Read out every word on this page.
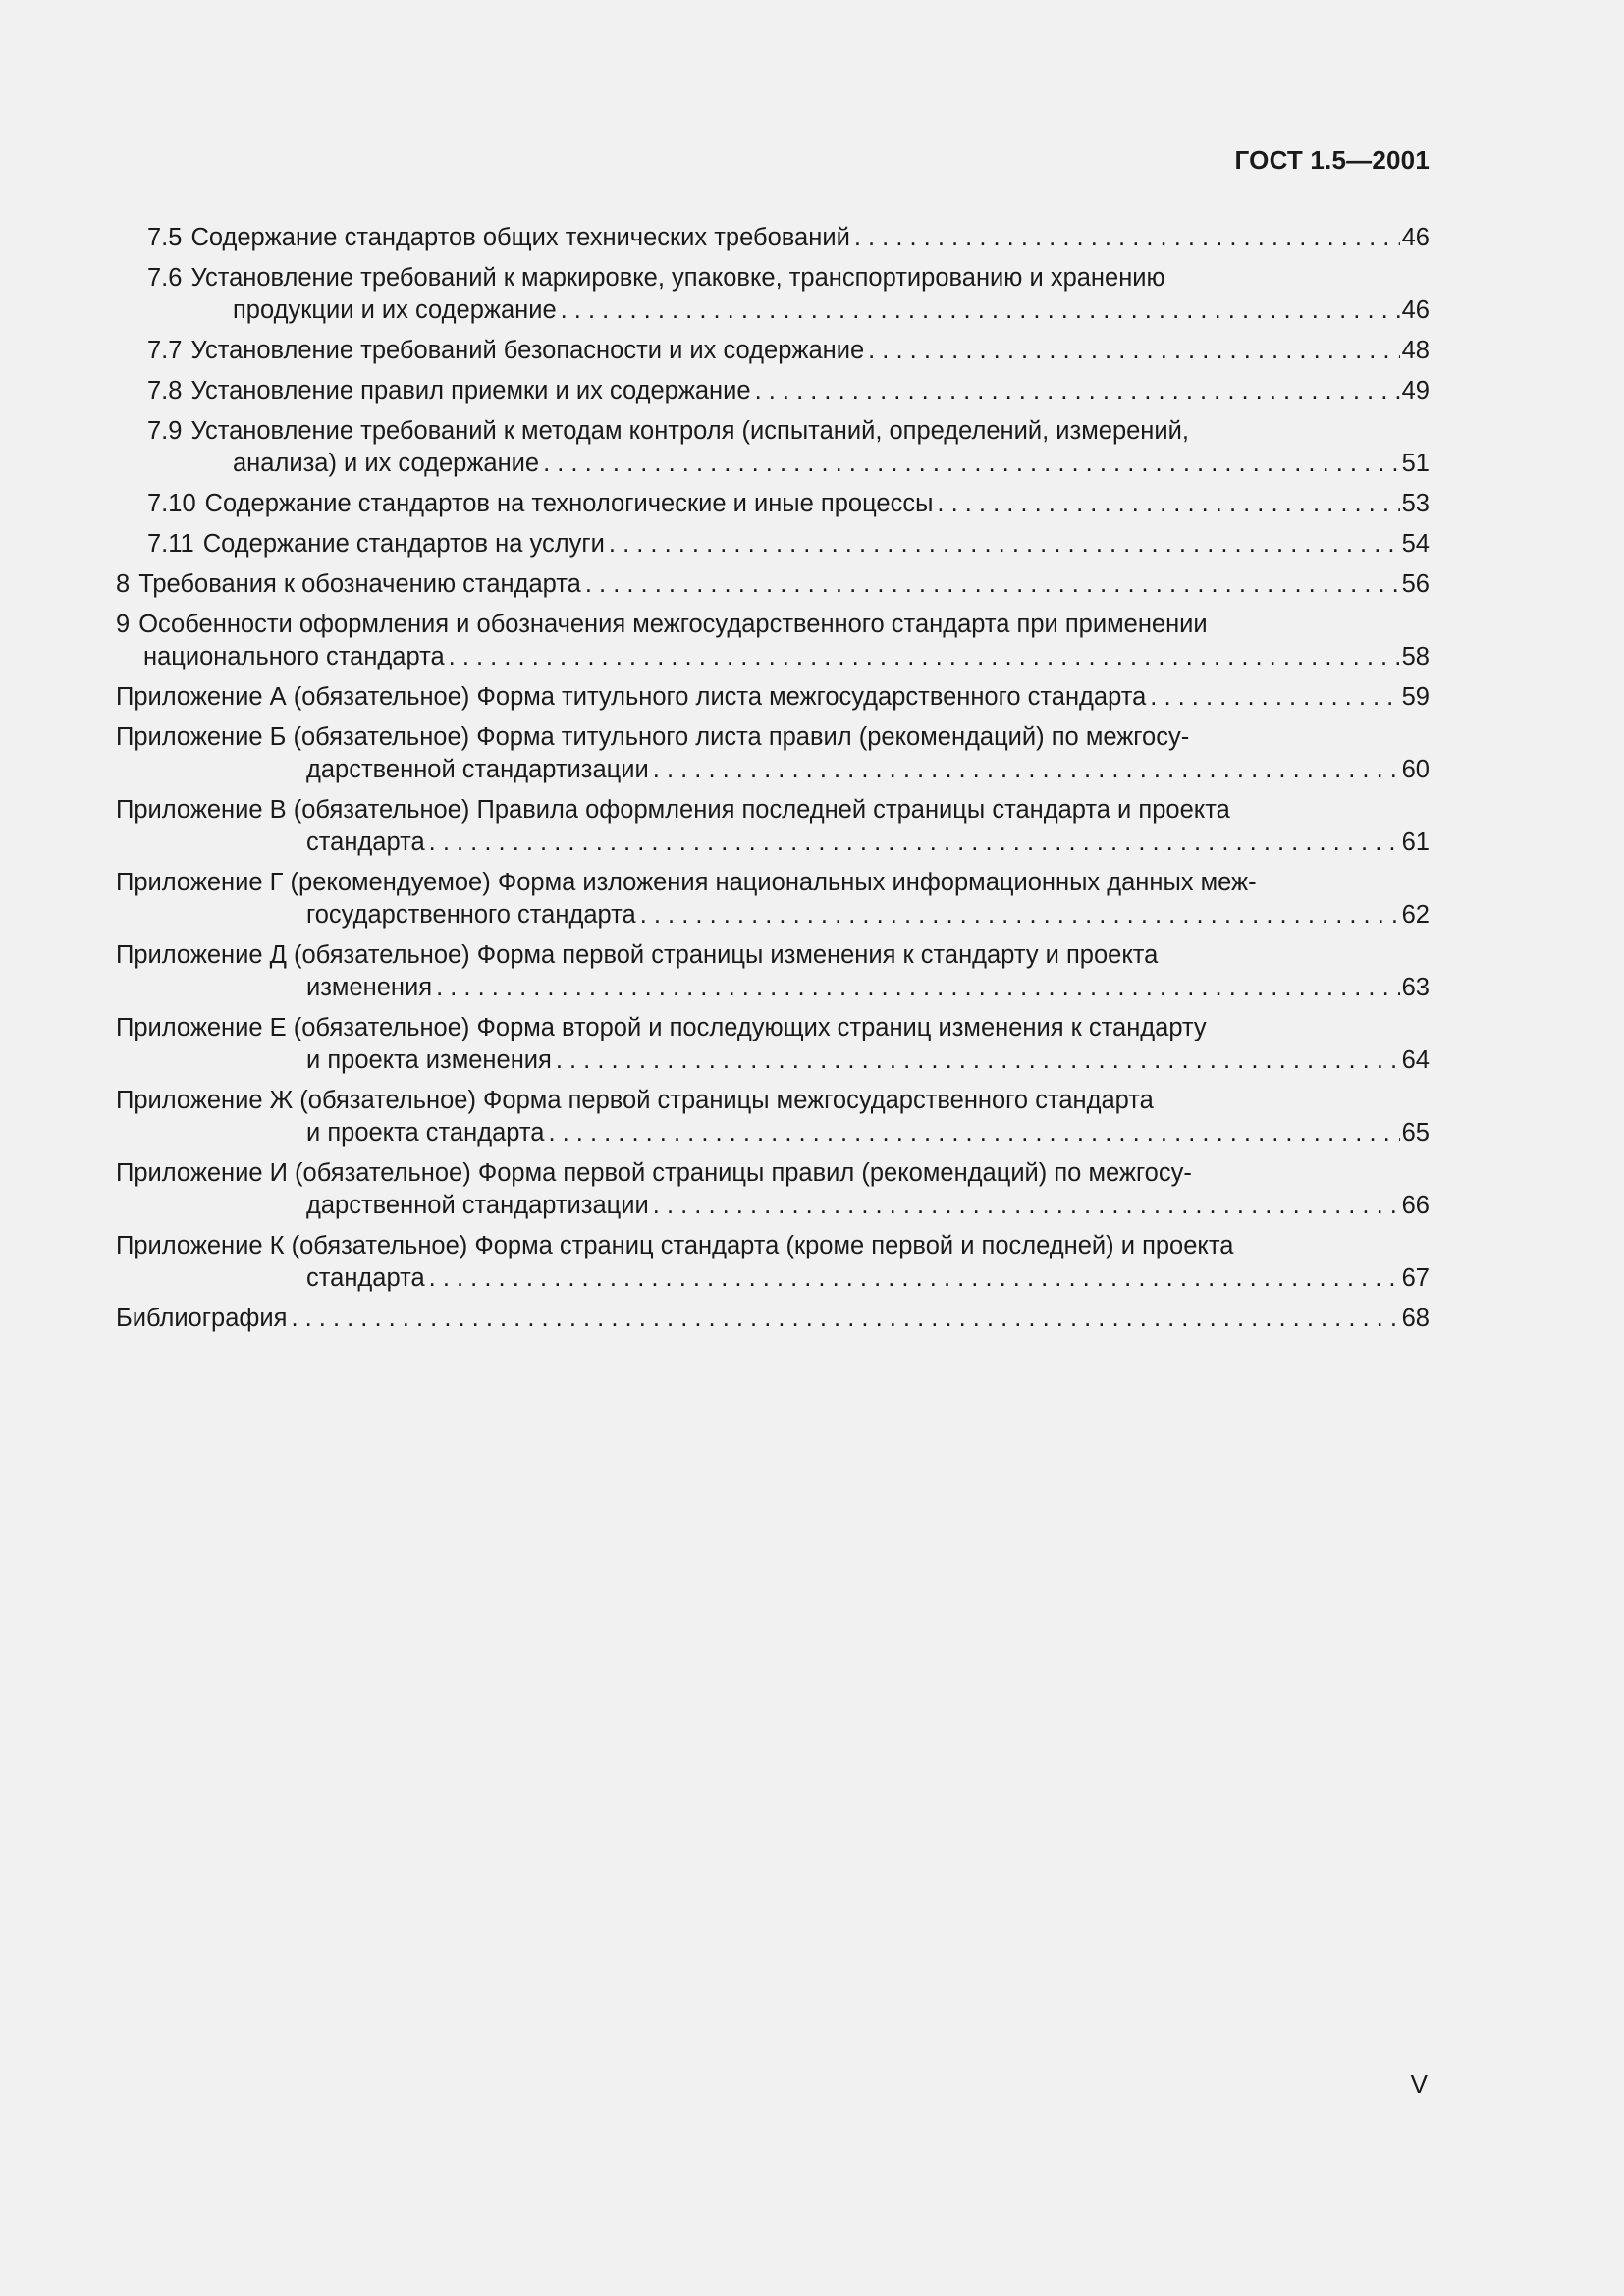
ГОСТ 1.5—2001
7.5 Содержание стандартов общих технических требований . . .	46
7.6 Установление требований к маркировке, упаковке, транспортированию и хранению
продукции и их содержание . . .	46
7.7 Установление требований безопасности и их содержание . . .	48
7.8 Установление правил приемки и их содержание . . .	49
7.9 Установление требований к методам контроля (испытаний, определений, измерений,
анализа) и их содержание . . .	51
7.10 Содержание стандартов на технологические и иные процессы . . .	53
7.11 Содержание стандартов на услуги . . .	54
8 Требования к обозначению стандарта . . .	56
9 Особенности оформления и обозначения межгосударственного стандарта при применении
национального стандарта . . .	58
Приложение А (обязательное) Форма титульного листа межгосударственного стандарта . . .	59
Приложение Б (обязательное) Форма титульного листа правил (рекомендаций) по межгосу-
дарственной стандартизации . . .	60
Приложение В (обязательное) Правила оформления последней страницы стандарта и проекта
стандарта . . .	61
Приложение Г (рекомендуемое) Форма изложения национальных информационных данных меж-
государственного стандарта . . .	62
Приложение Д (обязательное) Форма первой страницы изменения к стандарту и проекта
изменения . . .	63
Приложение Е (обязательное) Форма второй и последующих страниц изменения к стандарту
и проекта изменения . . .	64
Приложение Ж (обязательное) Форма первой страницы межгосударственного стандарта
и проекта стандарта . . .	65
Приложение И (обязательное) Форма первой страницы правил (рекомендаций) по межгосу-
дарственной стандартизации . . .	66
Приложение К (обязательное) Форма страниц стандарта (кроме первой и последней) и проекта
стандарта . . .	67
Библиография . . .	68
V
